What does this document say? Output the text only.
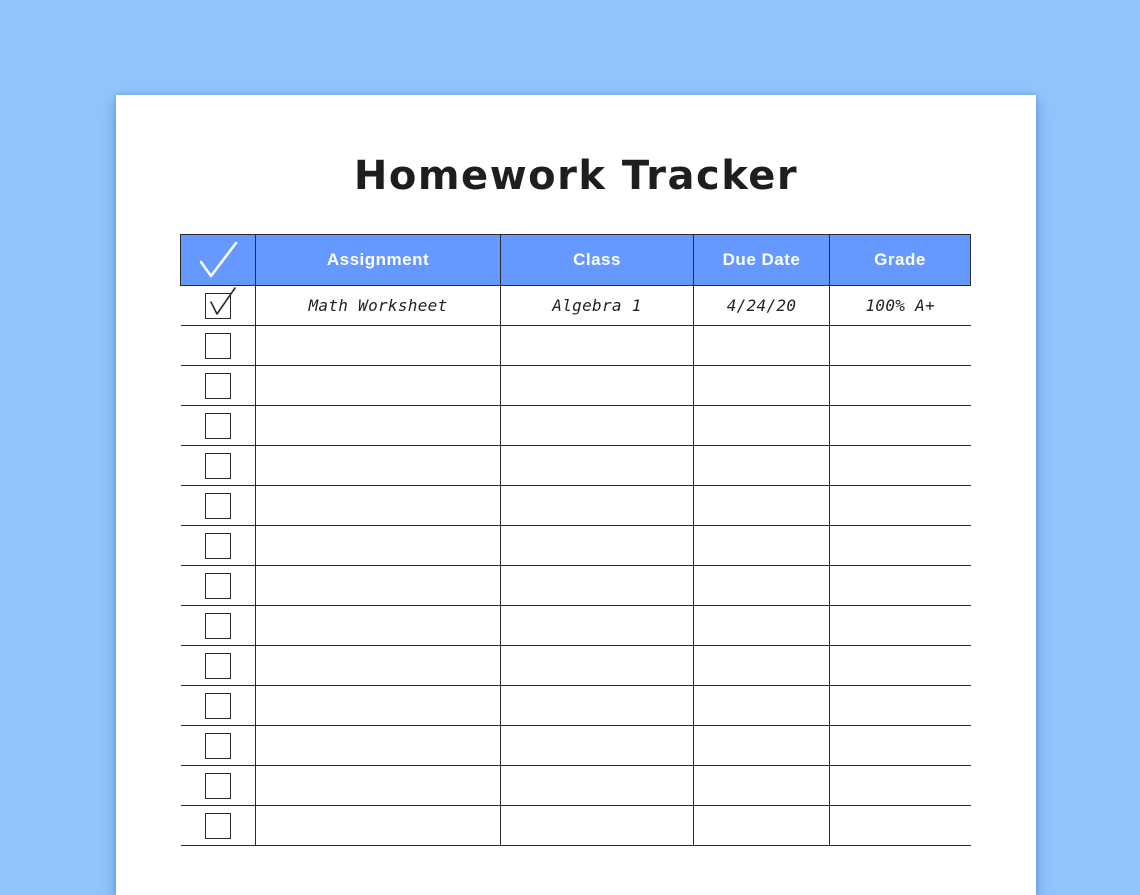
Homework Tracker
	Assignment	Class	Due Date	Grade

	Math Worksheet	Algebra 1	4/24/20	100% A+
